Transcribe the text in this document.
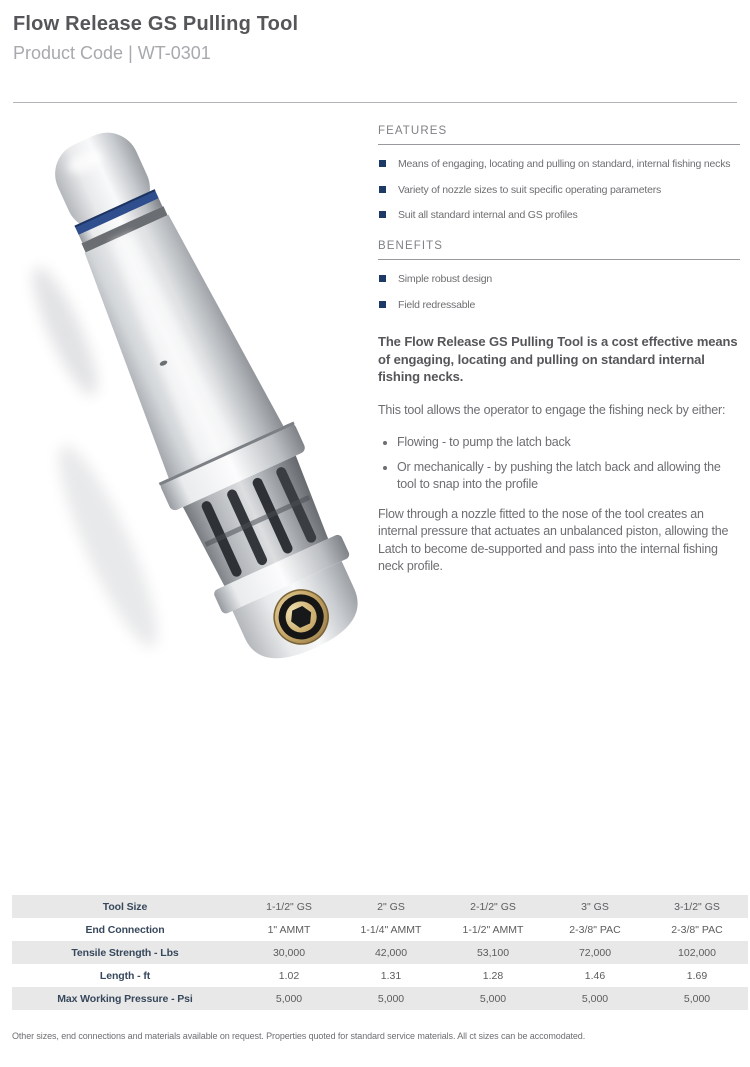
Flow Release GS Pulling Tool
Product Code | WT-0301
FEATURES
Means of engaging, locating and pulling on standard, internal fishing necks
Variety of nozzle sizes to suit specific operating parameters
Suit all standard internal and GS profiles
BENEFITS
Simple robust design
Field redressable

The Flow Release GS Pulling Tool is a cost effective means of engaging, locating and pulling on standard internal fishing necks.

This tool allows the operator to engage the fishing neck by either:

• Flowing - to pump the latch back
• Or mechanically - by pushing the latch back and allowing the tool to snap into the profile

Flow through a nozzle fitted to the nose of the tool creates an internal pressure that actuates an unbalanced piston, allowing the Latch to become de-supported and pass into the internal fishing neck profile.

Tool Size	1-1/2" GS	2" GS	2-1/2" GS	3" GS	3-1/2" GS
End Connection	1" AMMT	1-1/4" AMMT	1-1/2" AMMT	2-3/8" PAC	2-3/8" PAC
Tensile Strength - Lbs	30,000	42,000	53,100	72,000	102,000
Length - ft	1.02	1.31	1.28	1.46	1.69
Max Working Pressure - Psi	5,000	5,000	5,000	5,000	5,000
Other sizes, end connections and materials available on request. Properties quoted for standard service materials. All ct sizes can be accomodated.
